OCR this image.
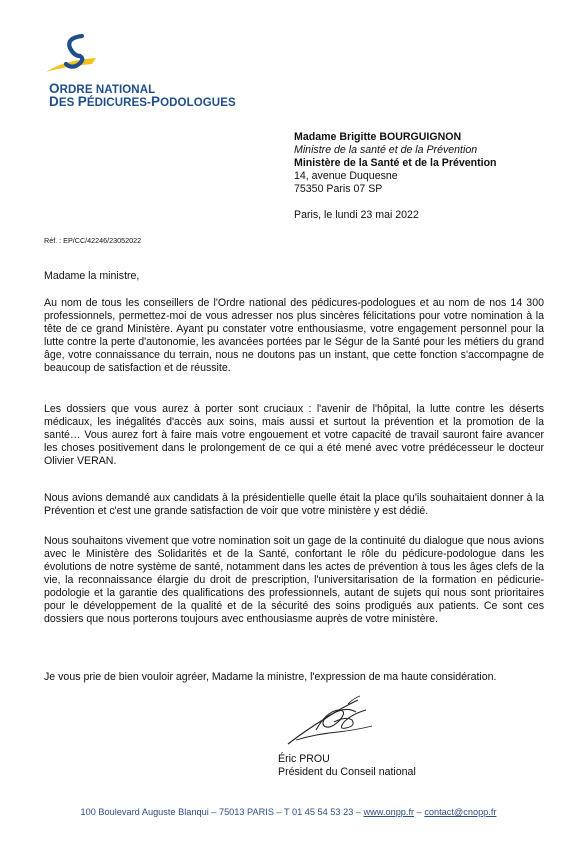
ORDRE NATIONAL
DES PÉDICURES-PODOLOGUES
Madame Brigitte BOURGUIGNON
Ministre de la santé et de la Prévention
Ministère de la Santé et de la Prévention
14, avenue Duquesne
75350 Paris 07 SP
Paris, le lundi 23 mai 2022
Réf. : EP/CC/42246/23052022
Madame la ministre,
Au nom de tous les conseillers de l'Ordre national des pédicures-podologues et au nom de nos 14 300 professionnels, permettez-moi de vous adresser nos plus sincères félicitations pour votre nomination à la tête de ce grand Ministère. Ayant pu constater votre enthousiasme, votre engagement personnel pour la lutte contre la perte d'autonomie, les avancées portées par le Ségur de la Santé pour les métiers du grand âge, votre connaissance du terrain, nous ne doutons pas un instant, que cette fonction s'accompagne de beaucoup de satisfaction et de réussite.
Les dossiers que vous aurez à porter sont cruciaux : l'avenir de l'hôpital, la lutte contre les déserts médicaux, les inégalités d'accès aux soins, mais aussi et surtout la prévention et la promotion de la santé… Vous aurez fort à faire mais votre engouement et votre capacité de travail sauront faire avancer les choses positivement dans le prolongement de ce qui a été mené avec votre prédécesseur le docteur Olivier VERAN.
Nous avions demandé aux candidats à la présidentielle quelle était la place qu'ils souhaitaient donner à la Prévention et c'est une grande satisfaction de voir que votre ministère y est dédié.
Nous souhaitons vivement que votre nomination soit un gage de la continuité du dialogue que nous avions avec le Ministère des Solidarités et de la Santé, confortant le rôle du pédicure-podologue dans les évolutions de notre système de santé, notamment dans les actes de prévention à tous les âges clefs de la vie, la reconnaissance élargie du droit de prescription, l'universitarisation de la formation en pédicurie-podologie et la garantie des qualifications des professionnels, autant de sujets qui nous sont prioritaires pour le développement de la qualité et de la sécurité des soins prodigués aux patients. Ce sont ces dossiers que nous porterons toujours avec enthousiasme auprès de votre ministère.
Je vous prie de bien vouloir agréer, Madame la ministre, l'expression de ma haute considération.
Éric PROU
Président du Conseil national
100 Boulevard Auguste Blanqui – 75013 PARIS – T 01 45 54 53 23 – www.onpp.fr – contact@cnopp.fr
